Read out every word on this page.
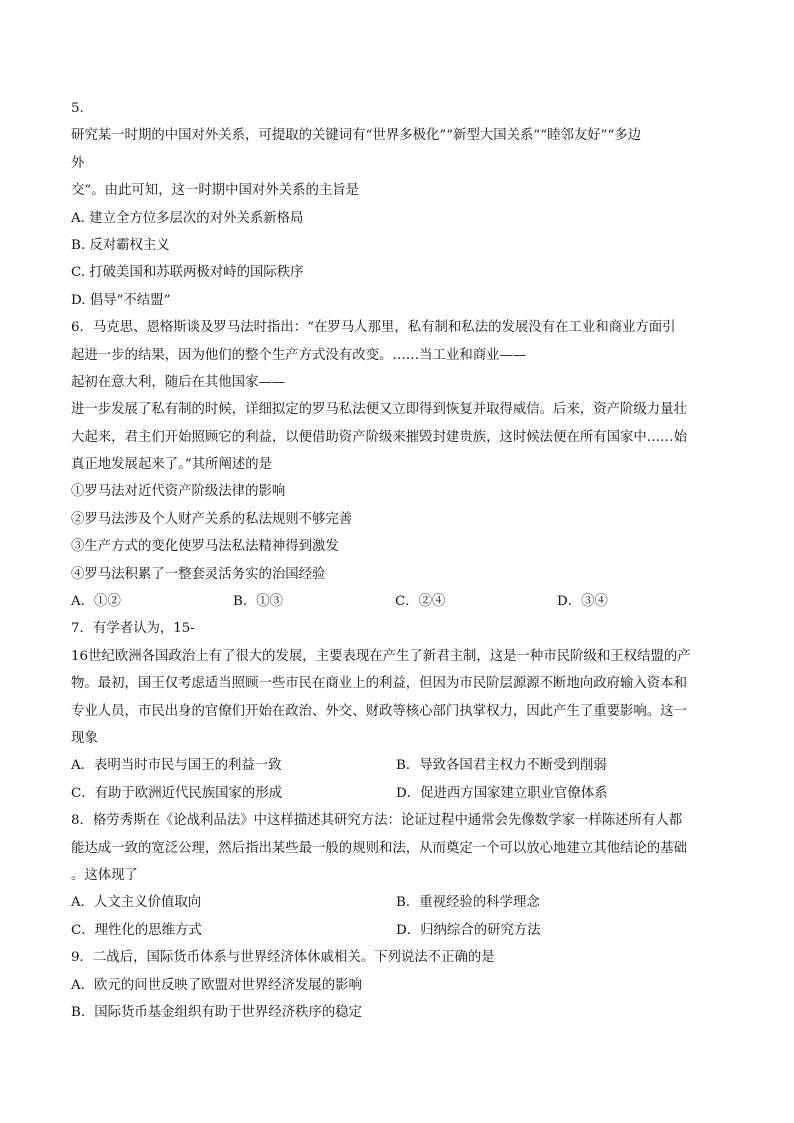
5.
研究某一时期的中国对外关系，可提取的关键词有“世界多极化”“新型大国关系”“睦邻友好”“多边
外
交”。由此可知，这一时期中国对外关系的主旨是
A. 建立全方位多层次的对外关系新格局
B. 反对霸权主义
C. 打破美国和苏联两极对峙的国际秩序
D. 倡导“不结盟”
6．马克思、恩格斯谈及罗马法时指出：“在罗马人那里，私有制和私法的发展没有在工业和商业方面引
起进一步的结果，因为他们的整个生产方式没有改变。……当工业和商业——
起初在意大利，随后在其他国家——
进一步发展了私有制的时候，详细拟定的罗马私法便又立即得到恢复并取得威信。后来，资产阶级力量壮
大起来，君主们开始照顾它的利益，以便借助资产阶级来摧毁封建贵族，这时候法便在所有国家中……始
真正地发展起来了。”其所阐述的是
①罗马法对近代资产阶级法律的影响
②罗马法涉及个人财产关系的私法规则不够完善
③生产方式的变化使罗马法私法精神得到激发
④罗马法积累了一整套灵活务实的治国经验
A．①②	B．①③	C．②④	D．③④
7．有学者认为，15-
16世纪欧洲各国政治上有了很大的发展，主要表现在产生了新君主制，这是一种市民阶级和王权结盟的产
物。最初，国王仅考虑适当照顾一些市民在商业上的利益，但因为市民阶层源源不断地向政府输入资本和
专业人员，市民出身的官僚们开始在政治、外交、财政等核心部门执掌权力，因此产生了重要影响。这一
现象
A．表明当时市民与国王的利益一致	B．导致各国君主权力不断受到削弱
C．有助于欧洲近代民族国家的形成	D．促进西方国家建立职业官僚体系
8．格劳秀斯在《论战利品法》中这样描述其研究方法：论证过程中通常会先像数学家一样陈述所有人都
能达成一致的宽泛公理，然后指出某些最一般的规则和法，从而奠定一个可以放心地建立其他结论的基础
。这体现了
A．人文主义价值取向	B．重视经验的科学理念
C．理性化的思维方式	D．归纳综合的研究方法
9．二战后，国际货币体系与世界经济体休戚相关。下列说法不正确的是
A．欧元的问世反映了欧盟对世界经济发展的影响
B．国际货币基金组织有助于世界经济秩序的稳定
